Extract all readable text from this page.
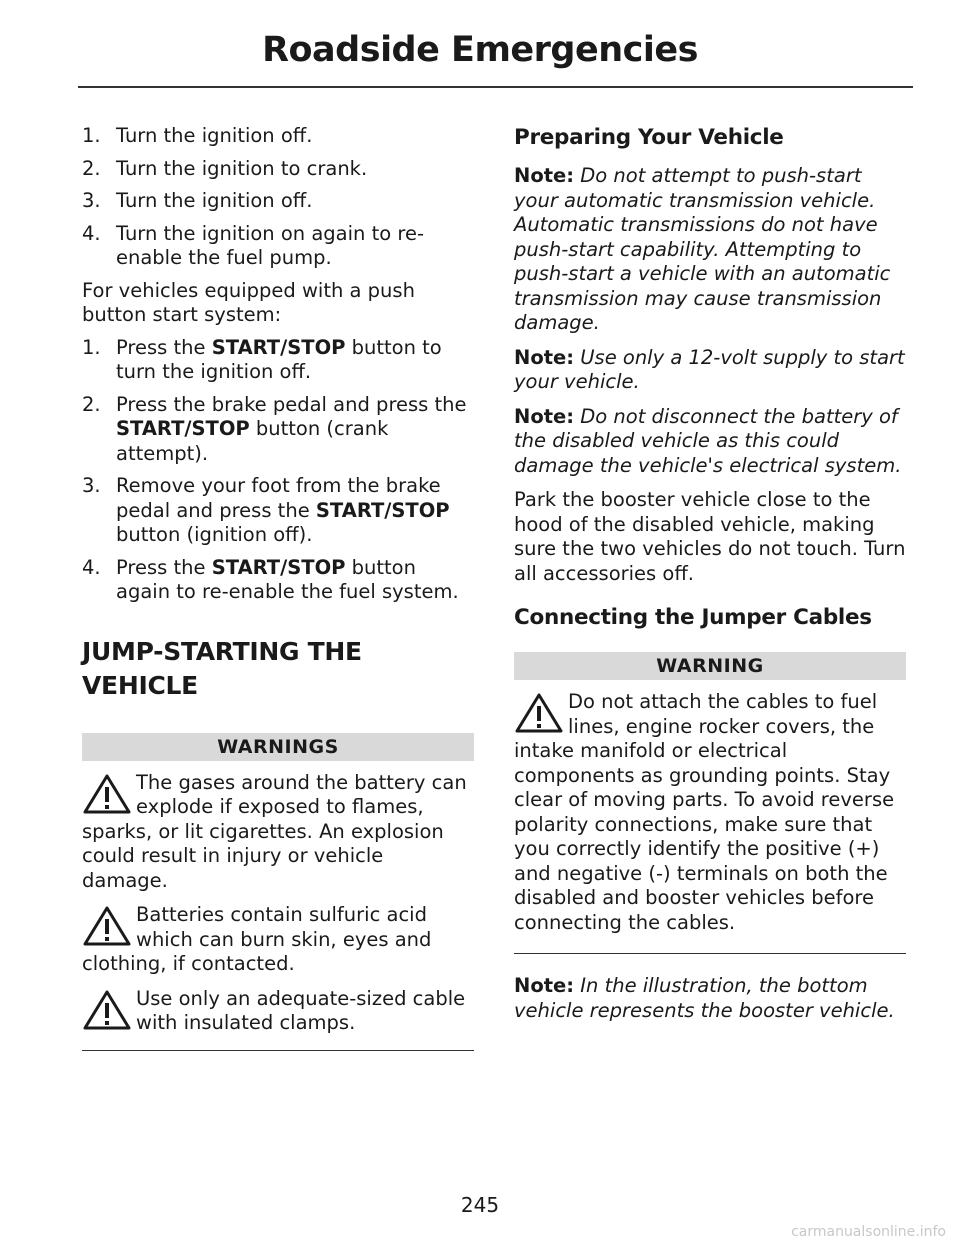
Roadside Emergencies
1. Turn the ignition off.
2. Turn the ignition to crank.
3. Turn the ignition off.
4. Turn the ignition on again to re-enable the fuel pump.

For vehicles equipped with a push button start system:

1. Press the START/STOP button to turn the ignition off.
2. Press the brake pedal and press the START/STOP button (crank attempt).
3. Remove your foot from the brake pedal and press the START/STOP button (ignition off).
4. Press the START/STOP button again to re-enable the fuel system.
JUMP-STARTING THE VEHICLE
WARNINGS
The gases around the battery can explode if exposed to flames, sparks, or lit cigarettes. An explosion could result in injury or vehicle damage.
Batteries contain sulfuric acid which can burn skin, eyes and clothing, if contacted.
Use only an adequate-sized cable with insulated clamps.
Preparing Your Vehicle

Note: Do not attempt to push-start your automatic transmission vehicle. Automatic transmissions do not have push-start capability. Attempting to push-start a vehicle with an automatic transmission may cause transmission damage.

Note: Use only a 12-volt supply to start your vehicle.

Note: Do not disconnect the battery of the disabled vehicle as this could damage the vehicle's electrical system.

Park the booster vehicle close to the hood of the disabled vehicle, making sure the two vehicles do not touch. Turn all accessories off.

Connecting the Jumper Cables
WARNING
Do not attach the cables to fuel lines, engine rocker covers, the intake manifold or electrical components as grounding points. Stay clear of moving parts. To avoid reverse polarity connections, make sure that you correctly identify the positive (+) and negative (-) terminals on both the disabled and booster vehicles before connecting the cables.

Note: In the illustration, the bottom vehicle represents the booster vehicle.

245
carmanualsonline.info
